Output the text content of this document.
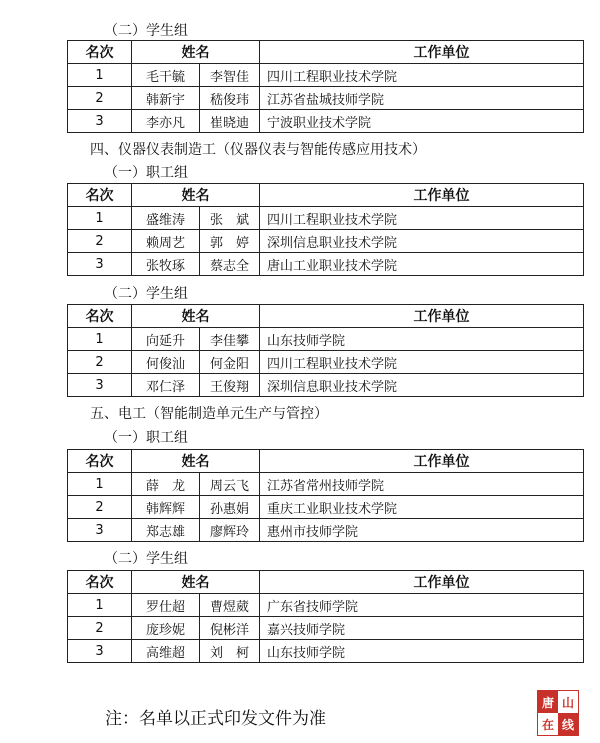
（二）学生组
名次	姓名		工作单位
1	毛干毓	李智佳	四川工程职业技术学院
2	韩新宇	嵇俊玮	江苏省盐城技师学院
3	李亦凡	崔晓迪	宁波职业技术学院
四、仪器仪表制造工（仪器仪表与智能传感应用技术）
（一）职工组
名次	姓名		工作单位
1	盛维涛	张　斌	四川工程职业技术学院
2	赖周艺	郭　婷	深圳信息职业技术学院
3	张牧琢	蔡志全	唐山工业职业技术学院
（二）学生组
名次	姓名		工作单位
1	向延升	李佳攀	山东技师学院
2	何俊汕	何金阳	四川工程职业技术学院
3	邓仁泽	王俊翔	深圳信息职业技术学院
五、电工（智能制造单元生产与管控）
（一）职工组
名次	姓名		工作单位
1	薛　龙	周云飞	江苏省常州技师学院
2	韩辉辉	孙惠娟	重庆工业职业技术学院
3	郑志雄	廖辉玲	惠州市技师学院
（二）学生组
名次	姓名		工作单位
1	罗仕超	曹煜葳	广东省技师学院
2	庞珍妮	倪彬洋	嘉兴技师学院
3	高维超	刘　柯	山东技师学院
注：名单以正式印发文件为准
唐 山
在 线
